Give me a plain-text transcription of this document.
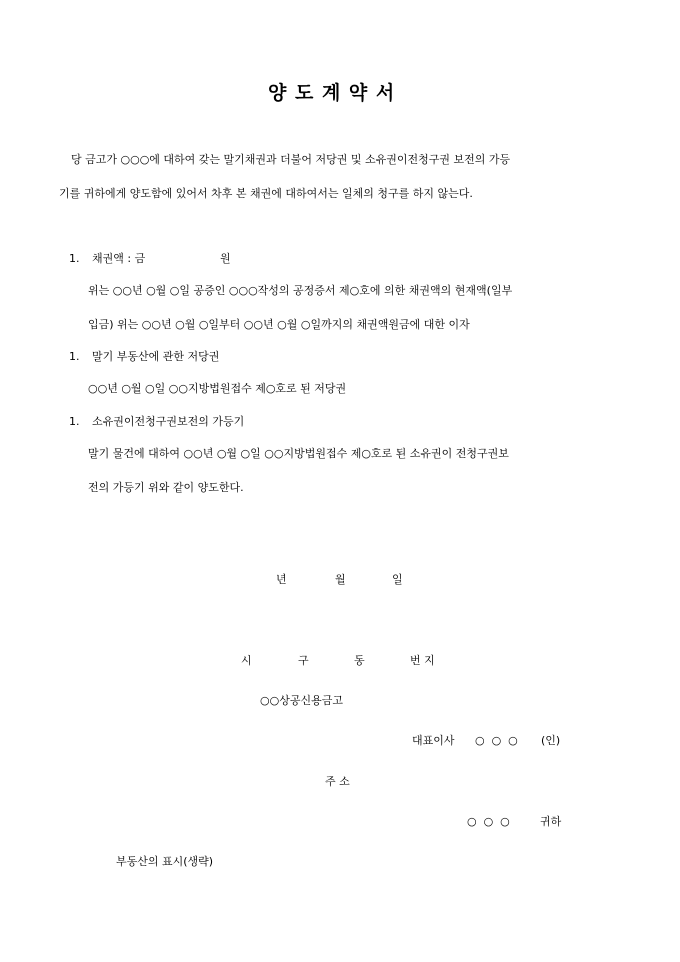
양 도 계 약 서
당 금고가 ○○○에 대하여 갖는 말기채권과 더불어 저당권 및 소유권이전청구권 보전의 가등
기를 귀하에게 양도함에 있어서 차후 본 채권에 대하여서는 일체의 청구를 하지 않는다.
1. 채권액 : 금	원
위는 ○○년 ○월 ○일 공증인 ○○○작성의 공정증서 제○호에 의한 채권액의 현재액(일부
입금) 위는 ○○년 ○월 ○일부터 ○○년 ○월 ○일까지의 채권액원금에 대한 이자
1. 말기 부동산에 관한 저당권
○○년 ○월 ○일 ○○지방법원접수 제○호로 된 저당권
1. 소유권이전청구권보전의 가등기
말기 물건에 대하여 ○○년 ○월 ○일 ○○지방법원접수 제○호로 된 소유권이 전청구권보
전의 가등기 위와 같이 양도한다.
년	월	일
시	구	동	번 지
○○상공신용금고
대표이사 ○  ○  ○ (인)
주 소
○  ○  ○	귀하
부동산의 표시(생략)
